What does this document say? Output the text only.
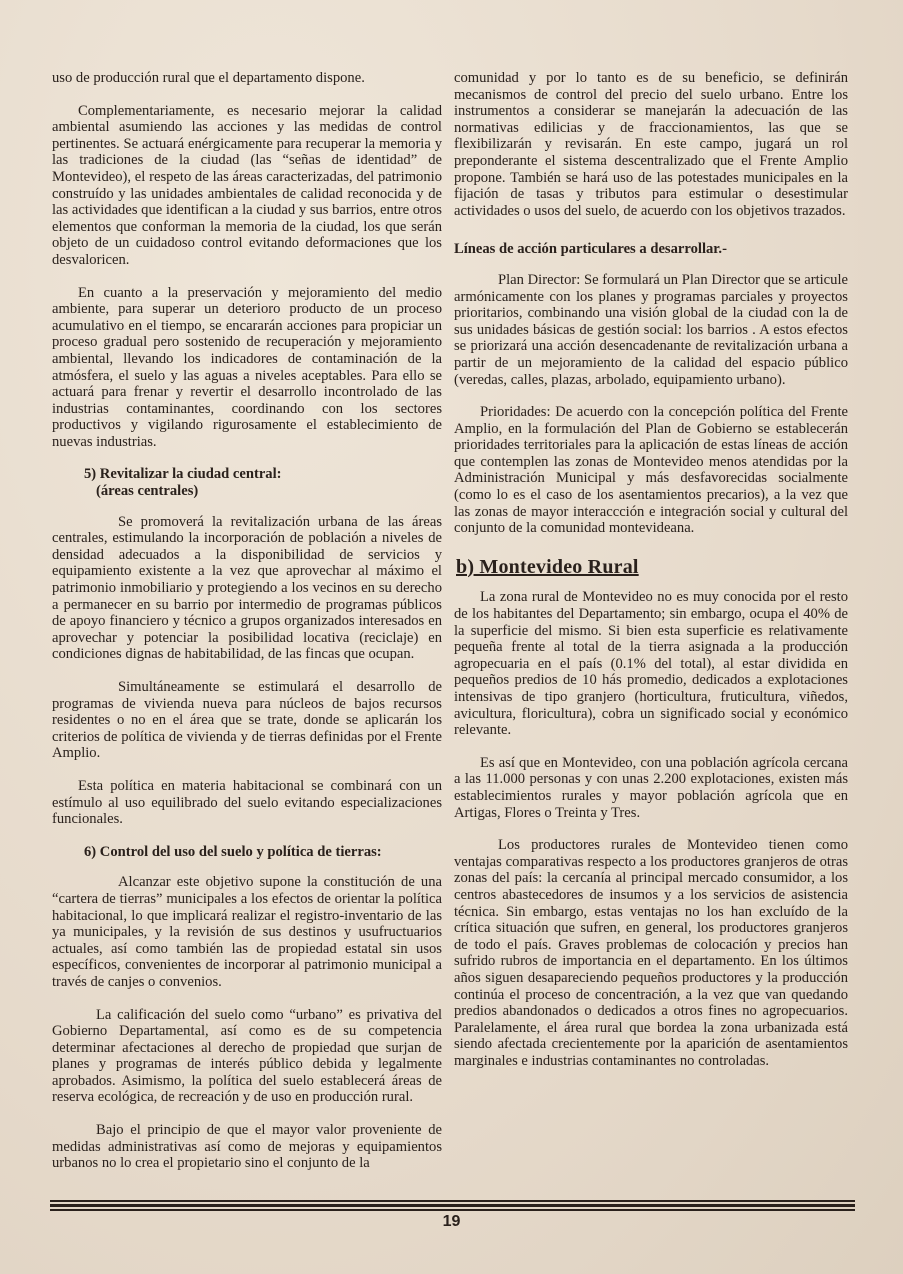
uso de producción rural que el departamento dispone.

Complementariamente, es necesario mejorar la calidad ambiental asumiendo las acciones y las medidas de control pertinentes. Se actuará enérgicamente para recuperar la memoria y las tradiciones de la ciudad (las “señas de identidad” de Montevideo), el respeto de las áreas caracterizadas, del patrimonio construído y las unidades ambientales de calidad reconocida y de las actividades que identifican a la ciudad y sus barrios, entre otros elementos que conforman la memoria de la ciudad, los que serán objeto de un cuidadoso control evitando deformaciones que los desvaloricen.

En cuanto a la preservación y mejoramiento del medio ambiente, para superar un deterioro producto de un proceso acumulativo en el tiempo, se encararán acciones para propiciar un proceso gradual pero sostenido de recuperación y mejoramiento ambiental, llevando los indicadores de contaminación de la atmósfera, el suelo y las aguas a niveles aceptables. Para ello se actuará para frenar y revertir el desarrollo incontrolado de las industrias contaminantes, coordinando con los sectores productivos y vigilando rigurosamente el establecimiento de nuevas industrias.

5) Revitalizar la ciudad central:
(áreas centrales)

Se promoverá la revitalización urbana de las áreas centrales, estimulando la incorporación de población a niveles de densidad adecuados a la disponibilidad de servicios y equipamiento existente a la vez que aprovechar al máximo el patrimonio inmobiliario y protegiendo a los vecinos en su derecho a permanecer en su barrio por intermedio de programas públicos de apoyo financiero y técnico a grupos organizados interesados en aprovechar y potenciar la posibilidad locativa (reciclaje) en condiciones dignas de habitabilidad, de las fincas que ocupan.

Simultáneamente se estimulará el desarrollo de programas de vivienda nueva para núcleos de bajos recursos residentes o no en el área que se trate, donde se aplicarán los criterios de política de vivienda y de tierras definidas por el Frente Amplio.

Esta política en materia habitacional se combinará con un estímulo al uso equilibrado del suelo evitando especializaciones funcionales.

6) Control del uso del suelo y política de tierras:

Alcanzar este objetivo supone la constitución de una “cartera de tierras” municipales a los efectos de orientar la política habitacional, lo que implicará realizar el registro-inventario de las ya municipales, y la revisión de sus destinos y usufructuarios actuales, así como también las de propiedad estatal sin usos específicos, convenientes de incorporar al patrimonio municipal a través de canjes o convenios.

La calificación del suelo como “urbano” es privativa del Gobierno Departamental, así como es de su competencia determinar afectaciones al derecho de propiedad que surjan de planes y programas de interés público debida y legalmente aprobados. Asimismo, la política del suelo establecerá áreas de reserva ecológica, de recreación y de uso en producción rural.

Bajo el principio de que el mayor valor proveniente de medidas administrativas así como de mejoras y equipamientos urbanos no lo crea el propietario sino el conjunto de la

comunidad y por lo tanto es de su beneficio, se definirán mecanismos de control del precio del suelo urbano. Entre los instrumentos a considerar se manejarán la adecuación de las normativas edilicias y de fraccionamientos, las que se flexibilizarán y revisarán. En este campo, jugará un rol preponderante el sistema descentralizado que el Frente Amplio propone. También se hará uso de las potestades municipales en la fijación de tasas y tributos para estimular o desestimular actividades o usos del suelo, de acuerdo con los objetivos trazados.

Líneas de acción particulares a desarrollar.-

Plan Director: Se formulará un Plan Director que se articule armónicamente con los planes y programas parciales y proyectos prioritarios, combinando una visión global de la ciudad con la de sus unidades básicas de gestión social: los barrios . A estos efectos se priorizará una acción desencadenante de revitalización urbana a partir de un mejoramiento de la calidad del espacio público (veredas, calles, plazas, arbolado, equipamiento urbano).

Prioridades: De acuerdo con la concepción política del Frente Amplio, en la formulación del Plan de Gobierno se establecerán prioridades territoriales para la aplicación de estas líneas de acción que contemplen las zonas de Montevideo menos atendidas por la Administración Municipal y más desfavorecidas socialmente (como lo es el caso de los asentamientos precarios), a la vez que las zonas de mayor interaccción e integración social y cultural del conjunto de la comunidad montevideana.

b) Montevideo Rural

La zona rural de Montevideo no es muy conocida por el resto de los habitantes del Departamento; sin embargo, ocupa el 40% de la superficie del mismo. Si bien esta superficie es relativamente pequeña frente al total de la tierra asignada a la producción agropecuaria en el país (0.1% del total), al estar dividida en pequeños predios de 10 hás promedio, dedicados a explotaciones intensivas de tipo granjero (horticultura, fruticultura, viñedos, avicultura, floricultura), cobra un significado social y económico relevante.

Es así que en Montevideo, con una población agrícola cercana a las 11.000 personas y con unas 2.200 explotaciones, existen más establecimientos rurales y mayor población agrícola que en Artigas, Flores o Treinta y Tres.

Los productores rurales de Montevideo tienen como ventajas comparativas respecto a los productores granjeros de otras zonas del país: la cercanía al principal mercado consumidor, a los centros abastecedores de insumos y a los servicios de asistencia técnica. Sin embargo, estas ventajas no los han excluído de la crítica situación que sufren, en general, los productores granjeros de todo el país. Graves problemas de colocación y precios han sufrido rubros de importancia en el departamento. En los últimos años siguen desapareciendo pequeños productores y la producción continúa el proceso de concentración, a la vez que van quedando predios abandonados o dedicados a otros fines no agropecuarios. Paralelamente, el área rural que bordea la zona urbanizada está siendo afectada crecientemente por la aparición de asentamientos marginales e industrias contaminantes no controladas.

19
